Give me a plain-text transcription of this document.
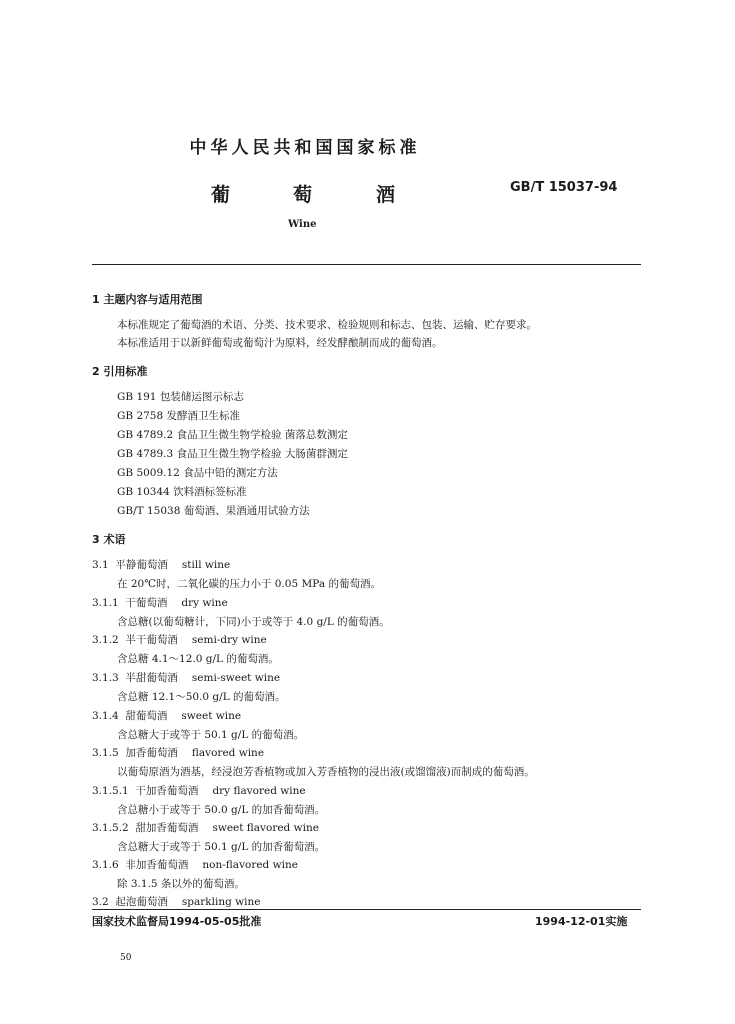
中华人民共和国国家标准
葡	萄	酒	GB/T 15037-94
Wine
1 主题内容与适用范围
本标准规定了葡萄酒的术语、分类、技术要求、检验规则和标志、包装、运输、贮存要求。
本标准适用于以新鲜葡萄或葡萄汁为原料，经发酵酿制而成的葡萄酒。
2 引用标准
GB 191 包装储运图示标志
GB 2758 发酵酒卫生标准
GB 4789.2 食品卫生微生物学检验 菌落总数测定
GB 4789.3 食品卫生微生物学检验 大肠菌群测定
GB 5009.12 食品中铅的测定方法
GB 10344 饮料酒标签标准
GB/T 15038 葡萄酒、果酒通用试验方法
3 术语
3.1 平静葡萄酒 still wine
在 20℃时，二氧化碳的压力小于 0.05 MPa 的葡萄酒。
3.1.1 干葡萄酒 dry wine
含总糖(以葡萄糖计，下同)小于或等于 4.0 g/L 的葡萄酒。
3.1.2 半干葡萄酒 semi-dry wine
含总糖 4.1～12.0 g/L 的葡萄酒。
3.1.3 半甜葡萄酒 semi-sweet wine
含总糖 12.1～50.0 g/L 的葡萄酒。
3.1.4 甜葡萄酒 sweet wine
含总糖大于或等于 50.1 g/L 的葡萄酒。
3.1.5 加香葡萄酒 flavored wine
以葡萄原酒为酒基，经浸泡芳香植物或加入芳香植物的浸出液(或馏馏液)而制成的葡萄酒。
3.1.5.1 干加香葡萄酒 dry flavored wine
含总糖小于或等于 50.0 g/L 的加香葡萄酒。
3.1.5.2 甜加香葡萄酒 sweet flavored wine
含总糖大于或等于 50.1 g/L 的加香葡萄酒。
3.1.6 非加香葡萄酒 non-flavored wine
除 3.1.5 条以外的葡萄酒。
3.2 起泡葡萄酒 sparkling wine
国家技术监督局1994-05-05批准	1994-12-01实施
50
